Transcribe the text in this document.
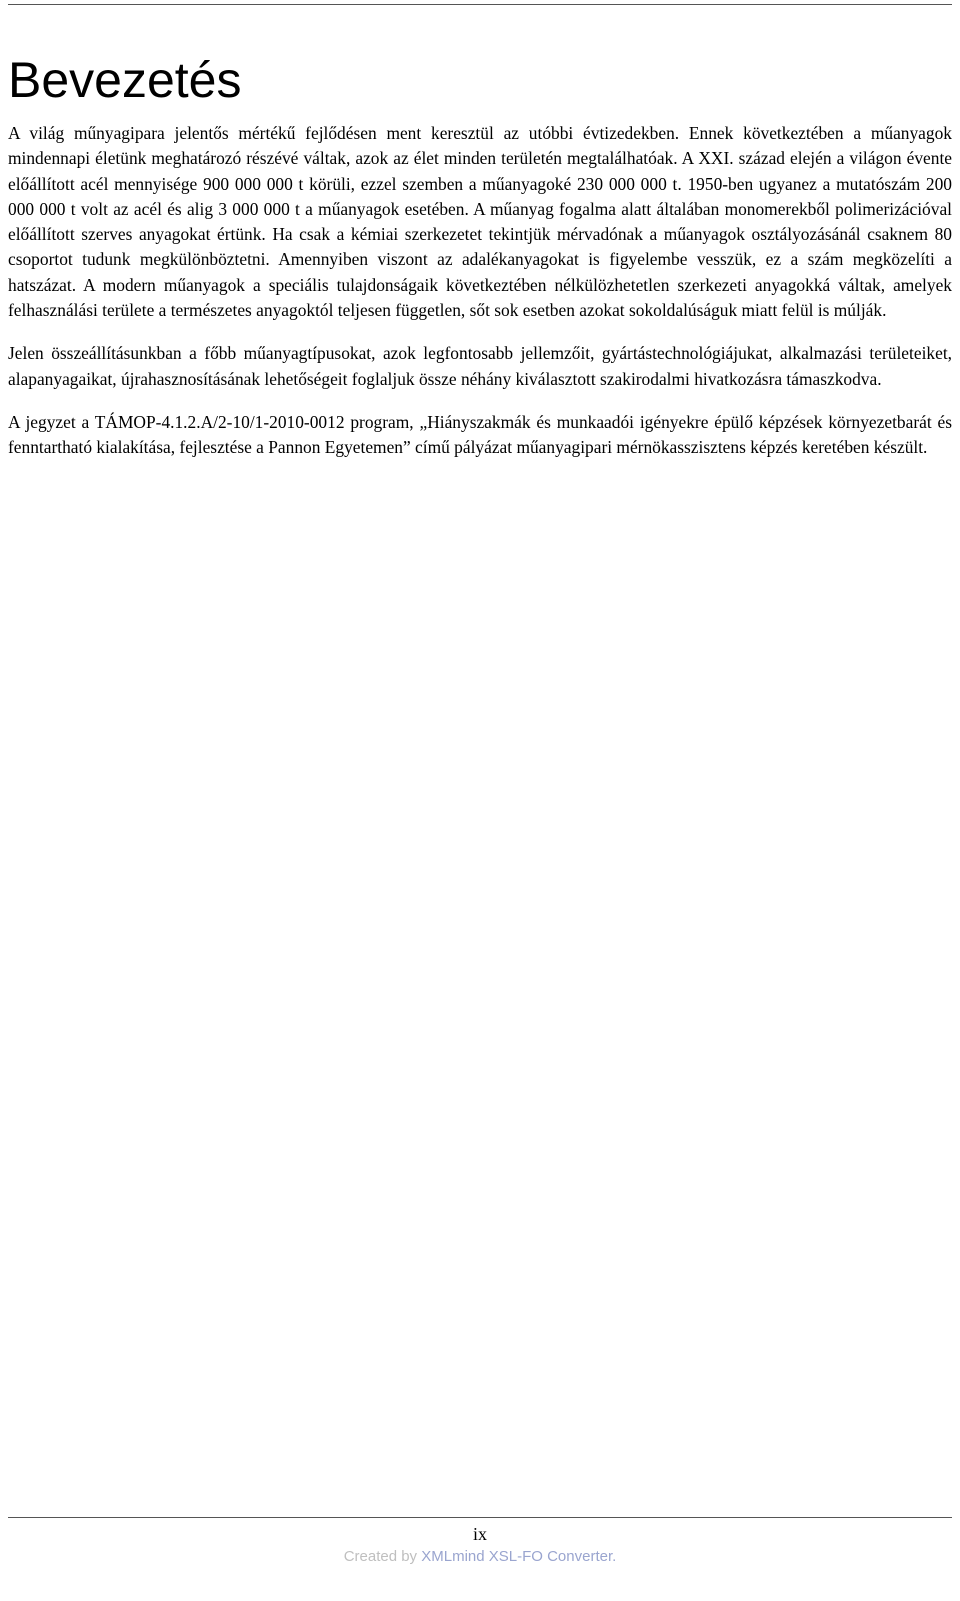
Bevezetés

A világ műnyagipara jelentős mértékű fejlődésen ment keresztül az utóbbi évtizedekben. Ennek következtében a műanyagok mindennapi életünk meghatározó részévé váltak, azok az élet minden területén megtalálhatóak. A XXI. század elején a világon évente előállított acél mennyisége 900 000 000 t körüli, ezzel szemben a műanyagoké 230 000 000 t. 1950-ben ugyanez a mutatószám 200 000 000 t volt az acél és alig 3 000 000 t a műanyagok esetében. A műanyag fogalma alatt általában monomerekből polimerizációval előállított szerves anyagokat értünk. Ha csak a kémiai szerkezetet tekintjük mérvadónak a műanyagok osztályozásánál csaknem 80 csoportot tudunk megkülönböztetni. Amennyiben viszont az adalékanyagokat is figyelembe vesszük, ez a szám megközelíti a hatszázat. A modern műanyagok a speciális tulajdonságaik következtében nélkülözhetetlen szerkezeti anyagokká váltak, amelyek felhasználási területe a természetes anyagoktól teljesen független, sőt sok esetben azokat sokoldalúságuk miatt felül is múlják.

Jelen összeállításunkban a főbb műanyagtípusokat, azok legfontosabb jellemzőit, gyártástechnológiájukat, alkalmazási területeiket, alapanyagaikat, újrahasznosításának lehetőségeit foglaljuk össze néhány kiválasztott szakirodalmi hivatkozásra támaszkodva.

A jegyzet a TÁMOP-4.1.2.A/2-10/1-2010-0012 program, „Hiányszakmák és munkaadói igényekre épülő képzések környezetbarát és fenntartható kialakítása, fejlesztése a Pannon Egyetemen” című pályázat műanyagipari mérnökasszisztens képzés keretében készült.

ix
Created by XMLmind XSL-FO Converter.
